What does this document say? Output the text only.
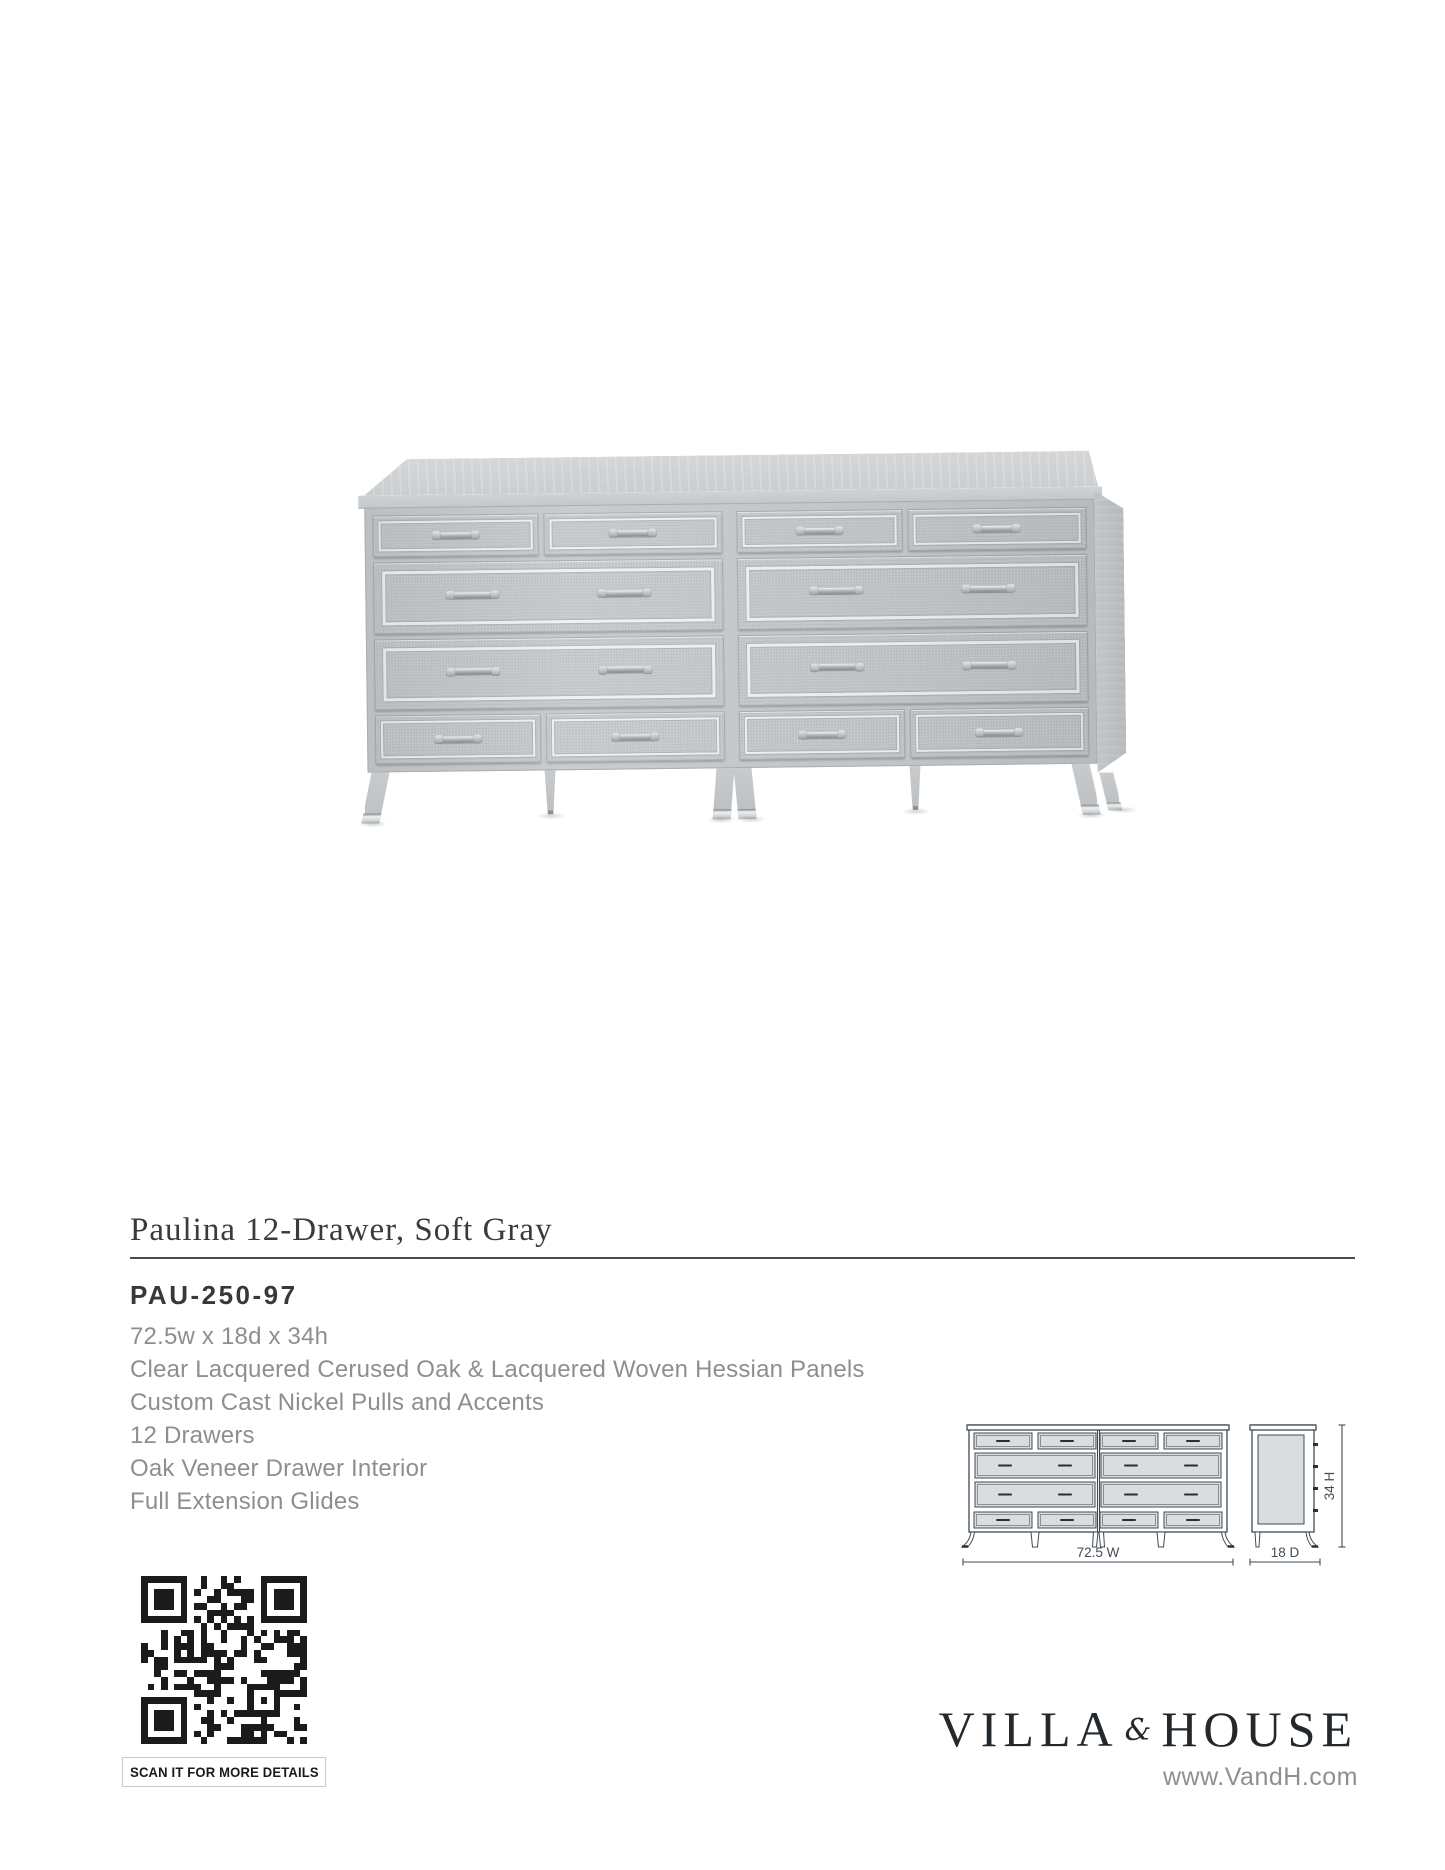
Paulina 12-Drawer, Soft Gray
PAU-250-97
72.5w x 18d x 34h
Clear Lacquered Cerused Oak & Lacquered Woven Hessian Panels
Custom Cast Nickel Pulls and Accents
12 Drawers
Oak Veneer Drawer Interior
Full Extension Glides
72.5 W	18 D
34 H
SCAN IT FOR MORE DETAILS
VILLA & HOUSE
www.VandH.com
